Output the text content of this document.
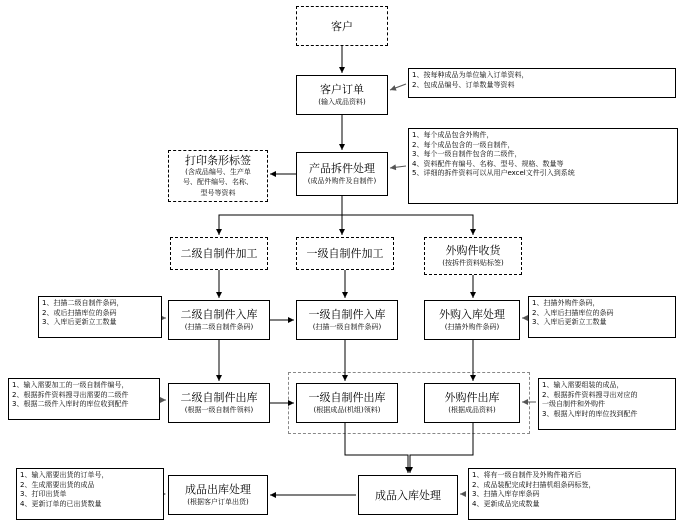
客户
客户订单
(输入成品资料)
打印条形标签
(含成品编号、生产单
号、配件编号、名称、
型号等资料
产品拆件处理
(成品外购件及自制件)
二级自制件加工	一级自制件加工	外购件收货
(按拆件资料贴标签)
二级自制件入库
(扫描二级自制件条码)
一级自制件入库
(扫描一级自制件条码)
外购入库处理
(扫描外购件条码)
二级自制件出库
(根据一级自制件领料)
一级自制件出库
(根据成品(机组)领料)
外购件出库
(根据成品资料)
成品入库处理
成品出库处理
(根据客户订单出货)
1、按每种成品为单位输入订单资料，
2、包成品编号、订单数量等资料
1、每个成品包含外购件，
2、每个成品包含的一级自制件，
3、每个一级自制件包含的二级件，
4、资料配件有编号、名称、型号、规格、数量等
5、详细的拆件资料可以从用户excel文件引入到系统
1、扫描二级自制件条码，
2、或后扫描库位的条码
3、入库后更新立工数量
1、扫描外购件条码，
2、入库后扫描库位的条码
3、入库后更新立工数量
1、输入需要加工的一级自制件编号，
2、根据拆件资料搜寻出需要的二级件
3、根据二级件入库时的库位收到配件
1、输入需要组装的成品，
2、根据拆件资料搜寻出对应的
一级自制件和外购件
3、根据入库时的库位找到配件
1、输入需要出货的订单号，
2、生成需要出货的成品
3、打印出货单
4、更新订单的已出货数量
1、将有一级自制件及外购件箱齐后
2、成品装配完成时扫描机组条码标签，
3、扫描入库存库条码
4、更新成品完成数量
